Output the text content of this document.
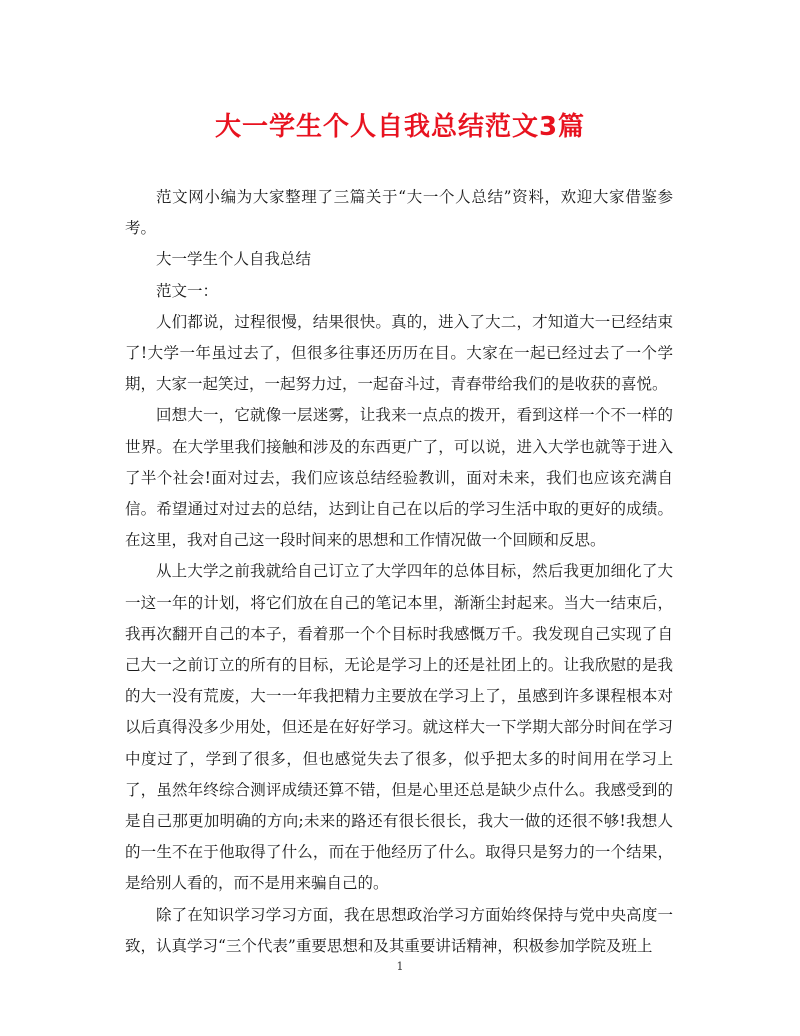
大一学生个人自我总结范文3篇

范文网小编为大家整理了三篇关于“大一个人总结”资料，欢迎大家借鉴参考。

大一学生个人自我总结

范文一：

人们都说，过程很慢，结果很快。真的，进入了大二，才知道大一已经结束了!大学一年虽过去了，但很多往事还历历在目。大家在一起已经过去了一个学期，大家一起笑过，一起努力过，一起奋斗过，青春带给我们的是收获的喜悦。

回想大一，它就像一层迷雾，让我来一点点的拨开，看到这样一个不一样的世界。在大学里我们接触和涉及的东西更广了，可以说，进入大学也就等于进入了半个社会!面对过去，我们应该总结经验教训，面对未来，我们也应该充满自信。希望通过对过去的总结，达到让自己在以后的学习生活中取的更好的成绩。在这里，我对自己这一段时间来的思想和工作情况做一个回顾和反思。

从上大学之前我就给自己订立了大学四年的总体目标，然后我更加细化了大一这一年的计划，将它们放在自己的笔记本里，渐渐尘封起来。当大一结束后，我再次翻开自己的本子，看着那一个个目标时我感慨万千。我发现自己实现了自己大一之前订立的所有的目标，无论是学习上的还是社团上的。让我欣慰的是我的大一没有荒废，大一一年我把精力主要放在学习上了，虽感到许多课程根本对以后真得没多少用处，但还是在好好学习。就这样大一下学期大部分时间在学习中度过了，学到了很多，但也感觉失去了很多，似乎把太多的时间用在学习上了，虽然年终综合测评成绩还算不错，但是心里还总是缺少点什么。我感受到的是自己那更加明确的方向;未来的路还有很长很长，我大一做的还很不够!我想人的一生不在于他取得了什么，而在于他经历了什么。取得只是努力的一个结果，是给别人看的，而不是用来骗自己的。

除了在知识学习学习方面，我在思想政治学习方面始终保持与党中央高度一致，认真学习“三个代表”重要思想和及其重要讲话精神，积极参加学院及班上

1
